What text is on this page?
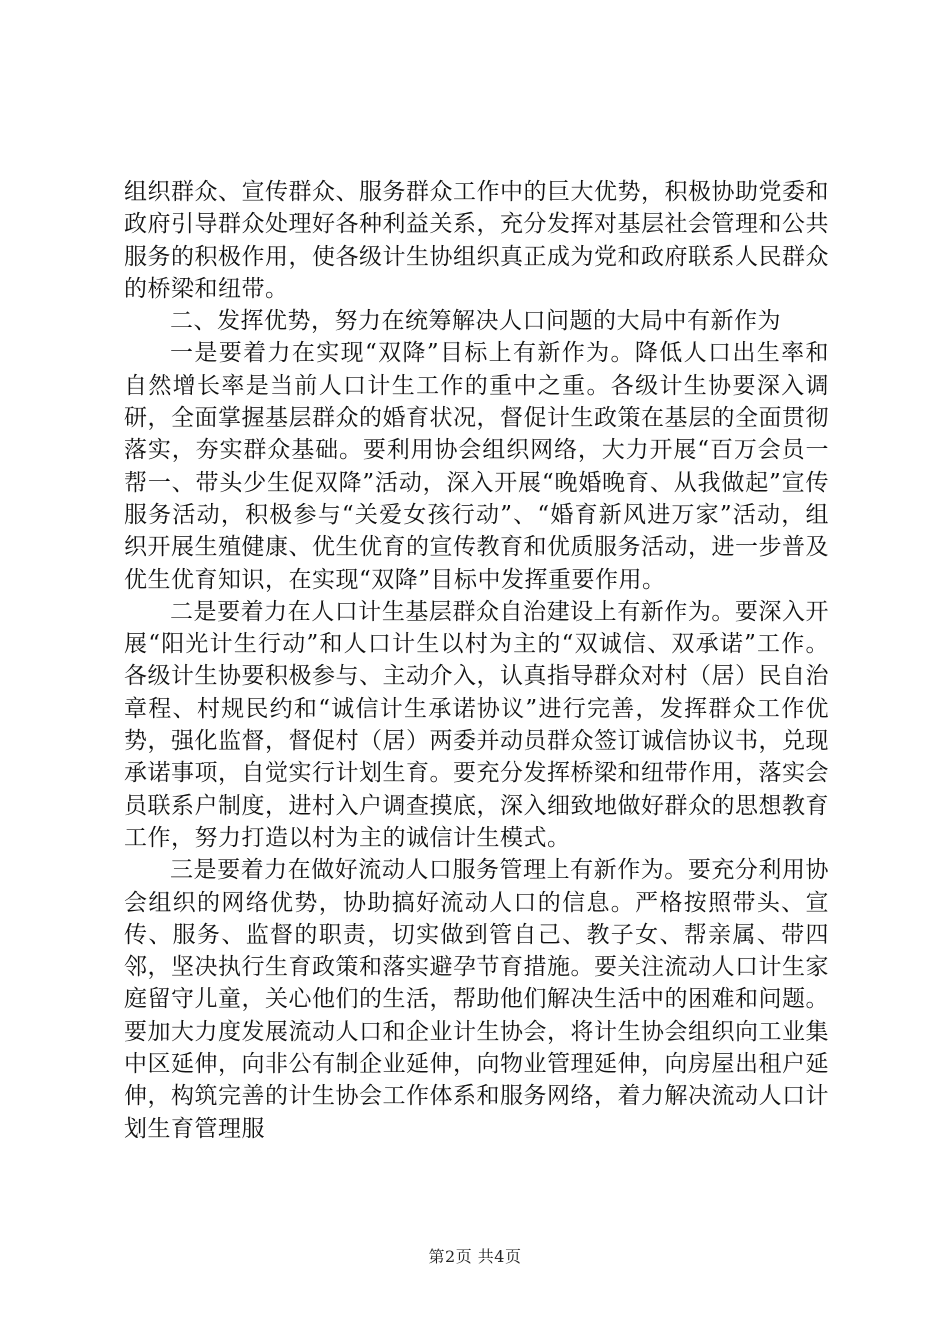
组织群众、宣传群众、服务群众工作中的巨大优势，积极协助党委和政府引导群众处理好各种利益关系，充分发挥对基层社会管理和公共服务的积极作用，使各级计生协组织真正成为党和政府联系人民群众的桥梁和纽带。

二、发挥优势，努力在统筹解决人口问题的大局中有新作为

一是要着力在实现“双降”目标上有新作为。降低人口出生率和自然增长率是当前人口计生工作的重中之重。各级计生协要深入调研，全面掌握基层群众的婚育状况，督促计生政策在基层的全面贯彻落实，夯实群众基础。要利用协会组织网络，大力开展“百万会员一帮一、带头少生促双降”活动，深入开展“晚婚晚育、从我做起”宣传服务活动，积极参与“关爱女孩行动”、“婚育新风进万家”活动，组织开展生殖健康、优生优育的宣传教育和优质服务活动，进一步普及优生优育知识，在实现“双降”目标中发挥重要作用。

二是要着力在人口计生基层群众自治建设上有新作为。要深入开展“阳光计生行动”和人口计生以村为主的“双诚信、双承诺”工作。各级计生协要积极参与、主动介入，认真指导群众对村（居）民自治章程、村规民约和“诚信计生承诺协议”进行完善，发挥群众工作优势，强化监督，督促村（居）两委并动员群众签订诚信协议书，兑现承诺事项，自觉实行计划生育。要充分发挥桥梁和纽带作用，落实会员联系户制度，进村入户调查摸底，深入细致地做好群众的思想教育工作，努力打造以村为主的诚信计生模式。

三是要着力在做好流动人口服务管理上有新作为。要充分利用协会组织的网络优势，协助搞好流动人口的信息。严格按照带头、宣传、服务、监督的职责，切实做到管自己、教子女、帮亲属、带四邻，坚决执行生育政策和落实避孕节育措施。要关注流动人口计生家庭留守儿童，关心他们的生活，帮助他们解决生活中的困难和问题。要加大力度发展流动人口和企业计生协会，将计生协会组织向工业集中区延伸，向非公有制企业延伸，向物业管理延伸，向房屋出租户延伸，构筑完善的计生协会工作体系和服务网络，着力解决流动人口计划生育管理服

第2页 共4页
